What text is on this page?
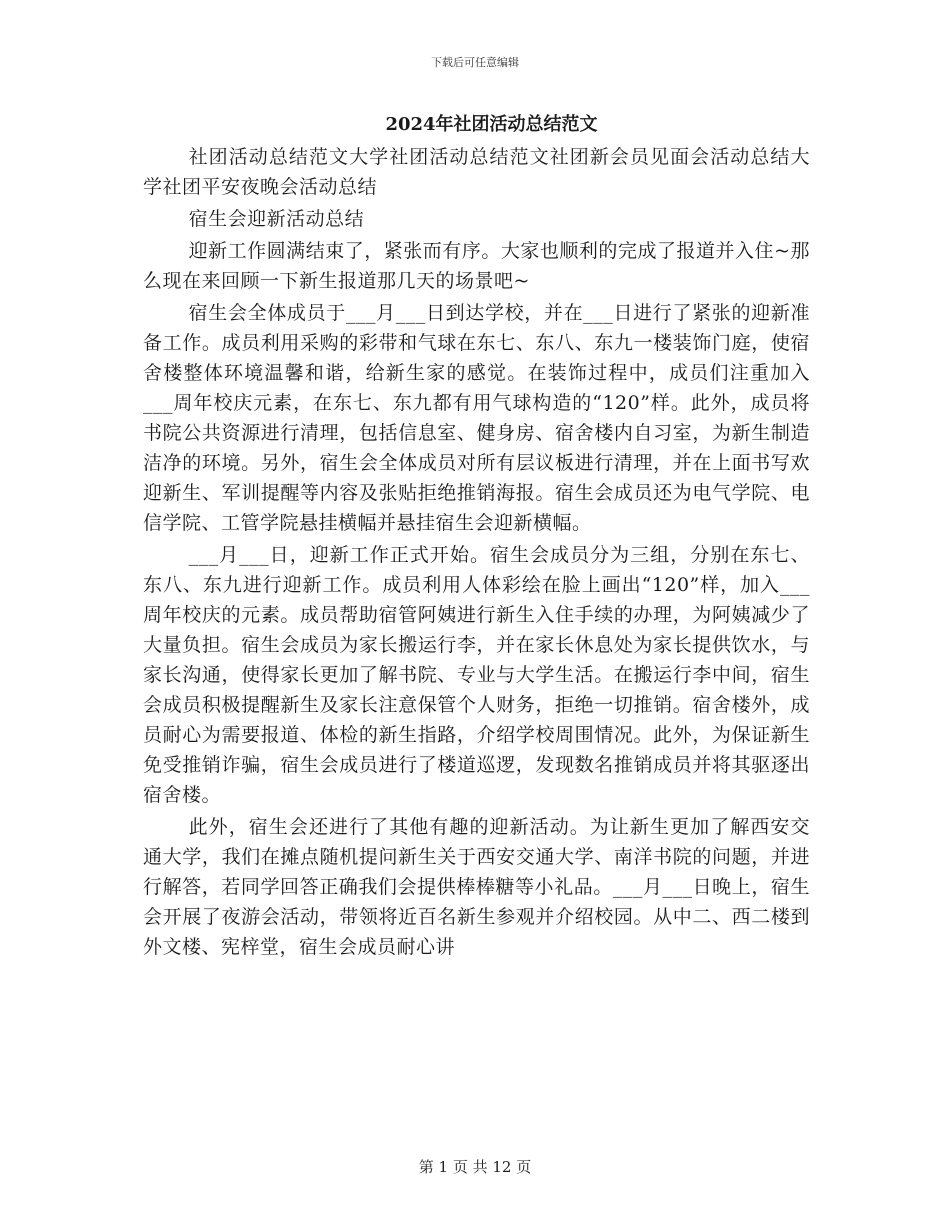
下载后可任意编辑
2024年社团活动总结范文

社团活动总结范文大学社团活动总结范文社团新会员见面会活动总结大学社团平安夜晚会活动总结

宿生会迎新活动总结

迎新工作圆满结束了，紧张而有序。大家也顺利的完成了报道并入住~那么现在来回顾一下新生报道那几天的场景吧~

宿生会全体成员于___月___日到达学校，并在___日进行了紧张的迎新准备工作。成员利用采购的彩带和气球在东七、东八、东九一楼装饰门庭，使宿舍楼整体环境温馨和谐，给新生家的感觉。在装饰过程中，成员们注重加入___周年校庆元素，在东七、东九都有用气球构造的“120”样。此外，成员将书院公共资源进行清理，包括信息室、健身房、宿舍楼内自习室，为新生制造洁净的环境。另外，宿生会全体成员对所有层议板进行清理，并在上面书写欢迎新生、军训提醒等内容及张贴拒绝推销海报。宿生会成员还为电气学院、电信学院、工管学院悬挂横幅并悬挂宿生会迎新横幅。

___月___日，迎新工作正式开始。宿生会成员分为三组，分别在东七、东八、东九进行迎新工作。成员利用人体彩绘在脸上画出“120”样，加入___周年校庆的元素。成员帮助宿管阿姨进行新生入住手续的办理，为阿姨减少了大量负担。宿生会成员为家长搬运行李，并在家长休息处为家长提供饮水，与家长沟通，使得家长更加了解书院、专业与大学生活。在搬运行李中间，宿生会成员积极提醒新生及家长注意保管个人财务，拒绝一切推销。宿舍楼外，成员耐心为需要报道、体检的新生指路，介绍学校周围情况。此外，为保证新生免受推销诈骗，宿生会成员进行了楼道巡逻，发现数名推销成员并将其驱逐出宿舍楼。

此外，宿生会还进行了其他有趣的迎新活动。为让新生更加了解西安交通大学，我们在摊点随机提问新生关于西安交通大学、南洋书院的问题，并进行解答，若同学回答正确我们会提供棒棒糖等小礼品。___月___日晚上，宿生会开展了夜游会活动，带领将近百名新生参观并介绍校园。从中二、西二楼到外文楼、宪梓堂，宿生会成员耐心讲

第 1 页 共 12 页
